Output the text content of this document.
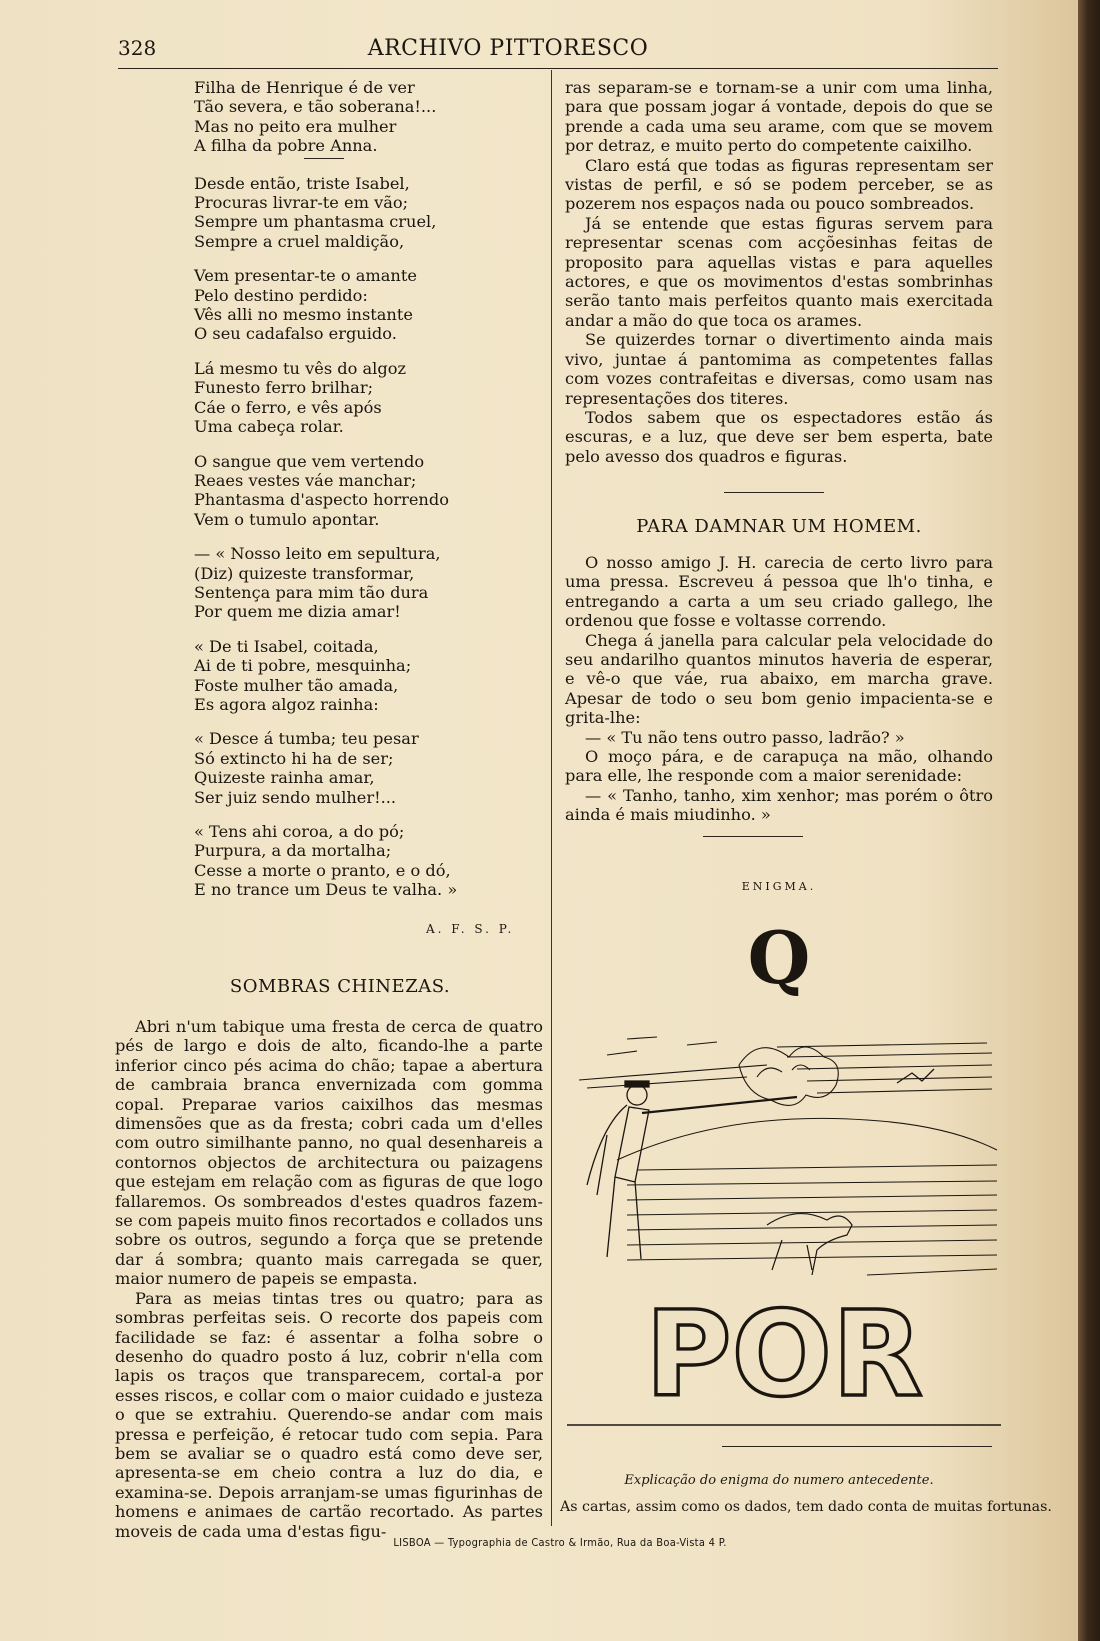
328	ARCHIVO PITTORESCO
Filha de Henrique é de ver
Tão severa, e tão soberana!...
Mas no peito era mulher
A filha da pobre Anna.
Desde então, triste Isabel,
Procuras livrar-te em vão;
Sempre um phantasma cruel,
Sempre a cruel maldição,
Vem presentar-te o amante
Pelo destino perdido:
Vês alli no mesmo instante
O seu cadafalso erguido.
Lá mesmo tu vês do algoz
Funesto ferro brilhar;
Cáe o ferro, e vês após
Uma cabeça rolar.
O sangue que vem vertendo
Reaes vestes váe manchar;
Phantasma d'aspecto horrendo
Vem o tumulo apontar.
— « Nosso leito em sepultura,
(Diz) quizeste transformar,
Sentença para mim tão dura
Por quem me dizia amar!
« De ti Isabel, coitada,
Ai de ti pobre, mesquinha;
Foste mulher tão amada,
Es agora algoz rainha:
« Desce á tumba; teu pesar
Só extincto hi ha de ser;
Quizeste rainha amar,
Ser juiz sendo mulher!...
« Tens ahi coroa, a do pó;
Purpura, a da mortalha;
Cesse a morte o pranto, e o dó,
E no trance um Deus te valha. »
A. F. S. P.
SOMBRAS CHINEZAS.

Abri n'um tabique uma fresta de cerca de quatro pés de largo e dois de alto, ficando-lhe a parte inferior cinco pés acima do chão; tapae a abertura de cambraia branca envernizada com gomma copal. Preparae varios caixilhos das mesmas dimensões que as da fresta; cobri cada um d'elles com outro similhante panno, no qual desenhareis a contornos objectos de architectura ou paizagens que estejam em relação com as figuras de que logo fallaremos. Os sombreados d'estes quadros fazem-se com papeis muito finos recortados e collados uns sobre os outros, segundo a força que se pretende dar á sombra; quanto mais carregada se quer, maior numero de papeis se empasta.

Para as meias tintas tres ou quatro; para as sombras perfeitas seis. O recorte dos papeis com facilidade se faz: é assentar a folha sobre o desenho do quadro posto á luz, cobrir n'ella com lapis os traços que transparecem, cortal-a por esses riscos, e collar com o maior cuidado e justeza o que se extrahiu. Querendo-se andar com mais pressa e perfeição, é retocar tudo com sepia. Para bem se avaliar se o quadro está como deve ser, apresenta-se em cheio contra a luz do dia, e examina-se. Depois arranjam-se umas figurinhas de homens e animaes de cartão recortado. As partes moveis de cada uma d'estas figu-

ras separam-se e tornam-se a unir com uma linha, para que possam jogar á vontade, depois do que se prende a cada uma seu arame, com que se movem por detraz, e muito perto do competente caixilho.

Claro está que todas as figuras representam ser vistas de perfil, e só se podem perceber, se as pozerem nos espaços nada ou pouco sombreados.

Já se entende que estas figuras servem para representar scenas com acçõesinhas feitas de proposito para aquellas vistas e para aquelles actores, e que os movimentos d'estas sombrinhas serão tanto mais perfeitos quanto mais exercitada andar a mão do que toca os arames.

Se quizerdes tornar o divertimento ainda mais vivo, juntae á pantomima as competentes fallas com vozes contrafeitas e diversas, como usam nas representações dos titeres.

Todos sabem que os espectadores estão ás escuras, e a luz, que deve ser bem esperta, bate pelo avesso dos quadros e figuras.

PARA DAMNAR UM HOMEM.

O nosso amigo J. H. carecia de certo livro para uma pressa. Escreveu á pessoa que lh'o tinha, e entregando a carta a um seu criado gallego, lhe ordenou que fosse e voltasse correndo.

Chega á janella para calcular pela velocidade do seu andarilho quantos minutos haveria de esperar, e vê-o que váe, rua abaixo, em marcha grave. Apesar de todo o seu bom genio impacienta-se e grita-lhe:

— « Tu não tens outro passo, ladrão? »

O moço pára, e de carapuça na mão, olhando para elle, lhe responde com a maior serenidade:

— « Tanho, tanho, xim xenhor; mas porém o ôtro ainda é mais miudinho. »

ENIGMA.
Q
POR
Explicação do enigma do numero antecedente.
As cartas, assim como os dados, tem dado conta de muitas fortunas.
LISBOA — Typographia de Castro & Irmão, Rua da Boa-Vista 4 P.
